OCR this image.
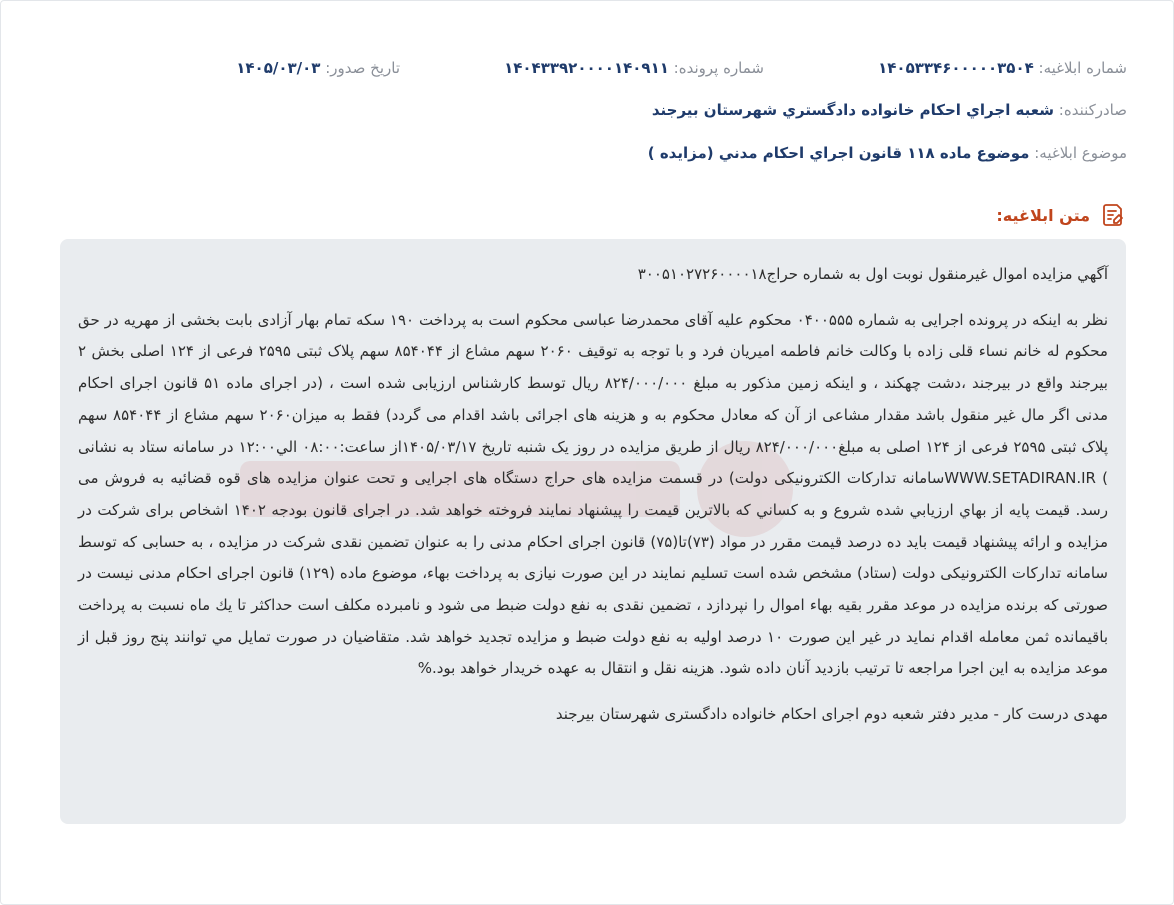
شماره ابلاغیه: ۱۴۰۵۳۳۴۶۰۰۰۰۰۳۵۰۴
شماره پرونده: ۱۴۰۴۳۳۹۲۰۰۰۰۱۴۰۹۱۱
تاریخ صدور: ۱۴۰۵/۰۳/۰۳
صادرکننده: شعبه اجراي احكام خانواده دادگستري شهرستان بيرجند
موضوع ابلاغیه: موضوع ماده ۱۱۸ قانون اجراي احكام مدني (مزايده )
متن ابلاغیه:

آگهي مزايده اموال غيرمنقول نوبت اول به شماره حراج۳۰۰۵۱۰۲۷۲۶۰۰۰۰۱۸

نظر به اینکه در پرونده اجرایی به شماره ۰۴۰۰۵۵۵ محکوم علیه آقای محمدرضا عباسی محکوم است به پرداخت ۱۹۰ سکه تمام بهار آزادی بابت بخشی از مهریه در حق محکوم له خانم نساء قلی زاده با وکالت خانم فاطمه امیریان فرد و با توجه به توقیف ۲۰۶۰ سهم مشاع از ۸۵۴۰۴۴ سهم پلاک ثبتی ۲۵۹۵ فرعی از ۱۲۴ اصلی بخش ۲ بیرجند واقع در بیرجند ،دشت چهکند ، و اینکه زمین مذکور به مبلغ ۸۲۴/۰۰۰/۰۰۰ ریال توسط کارشناس ارزیابی شده است ، (در اجرای ماده ۵۱ قانون اجرای احکام مدنی اگر مال غیر منقول باشد مقدار مشاعی از آن که معادل محکوم به و هزینه های اجرائی باشد اقدام می گردد) فقط به میزان۲۰۶۰ سهم مشاع از ۸۵۴۰۴۴ سهم پلاک ثبتی ۲۵۹۵ فرعی از ۱۲۴ اصلی به مبلغ۸۲۴/۰۰۰/۰۰۰ ریال از طریق مزایده در روز یک شنبه تاریخ ۱۴۰۵/۰۳/۱۷از ساعت:۰۸:۰۰ الي۱۲:۰۰ در سامانه ستاد به نشانی ) WWW.SETADIRAN.IRسامانه تدارکات الکترونیکی دولت) در قسمت مزایده های حراج دستگاه های اجرایی و تحت عنوان مزایده های قوه قضائیه به فروش می رسد. قيمت پايه از بهاي ارزيابي شده شروع و به كساني كه بالاترين قيمت را پيشنهاد نمايند فروخته خواهد شد. در اجرای قانون بودجه ۱۴۰۲ اشخاص برای شرکت در مزایده و ارائه پیشنهاد قیمت باید ده درصد قیمت مقرر در مواد (۷۳)تا(۷۵) قانون اجرای احکام مدنی را به عنوان تضمین نقدی شرکت در مزایده ، به حسابی که توسط سامانه تدارکات الکترونیکی دولت (ستاد) مشخص شده است تسلیم نمایند در این صورت نیازی به پرداخت بهاء، موضوع ماده (۱۲۹) قانون اجرای احکام مدنی نیست در صورتی که برنده مزایده در موعد مقرر بقیه بهاء اموال را نپردازد ، تضمین نقدی به نفع دولت ضبط می شود و نامبرده مکلف است حداکثر تا یك ماه نسبت به پرداخت باقیمانده ثمن معامله اقدام نماید در غیر این صورت ۱۰ درصد اولیه به نفع دولت ضبط و مزایده تجدید خواهد شد. متقاضيان در صورت تمايل مي توانند پنج روز قبل از موعد مزايده به اين اجرا مراجعه تا ترتيب بازديد آنان داده شود. هزينه نقل و انتقال به عهده خريدار خواهد بود.%

مهدی درست کار - مدیر دفتر شعبه دوم اجرای احکام خانواده دادگستری شهرستان بیرجند
